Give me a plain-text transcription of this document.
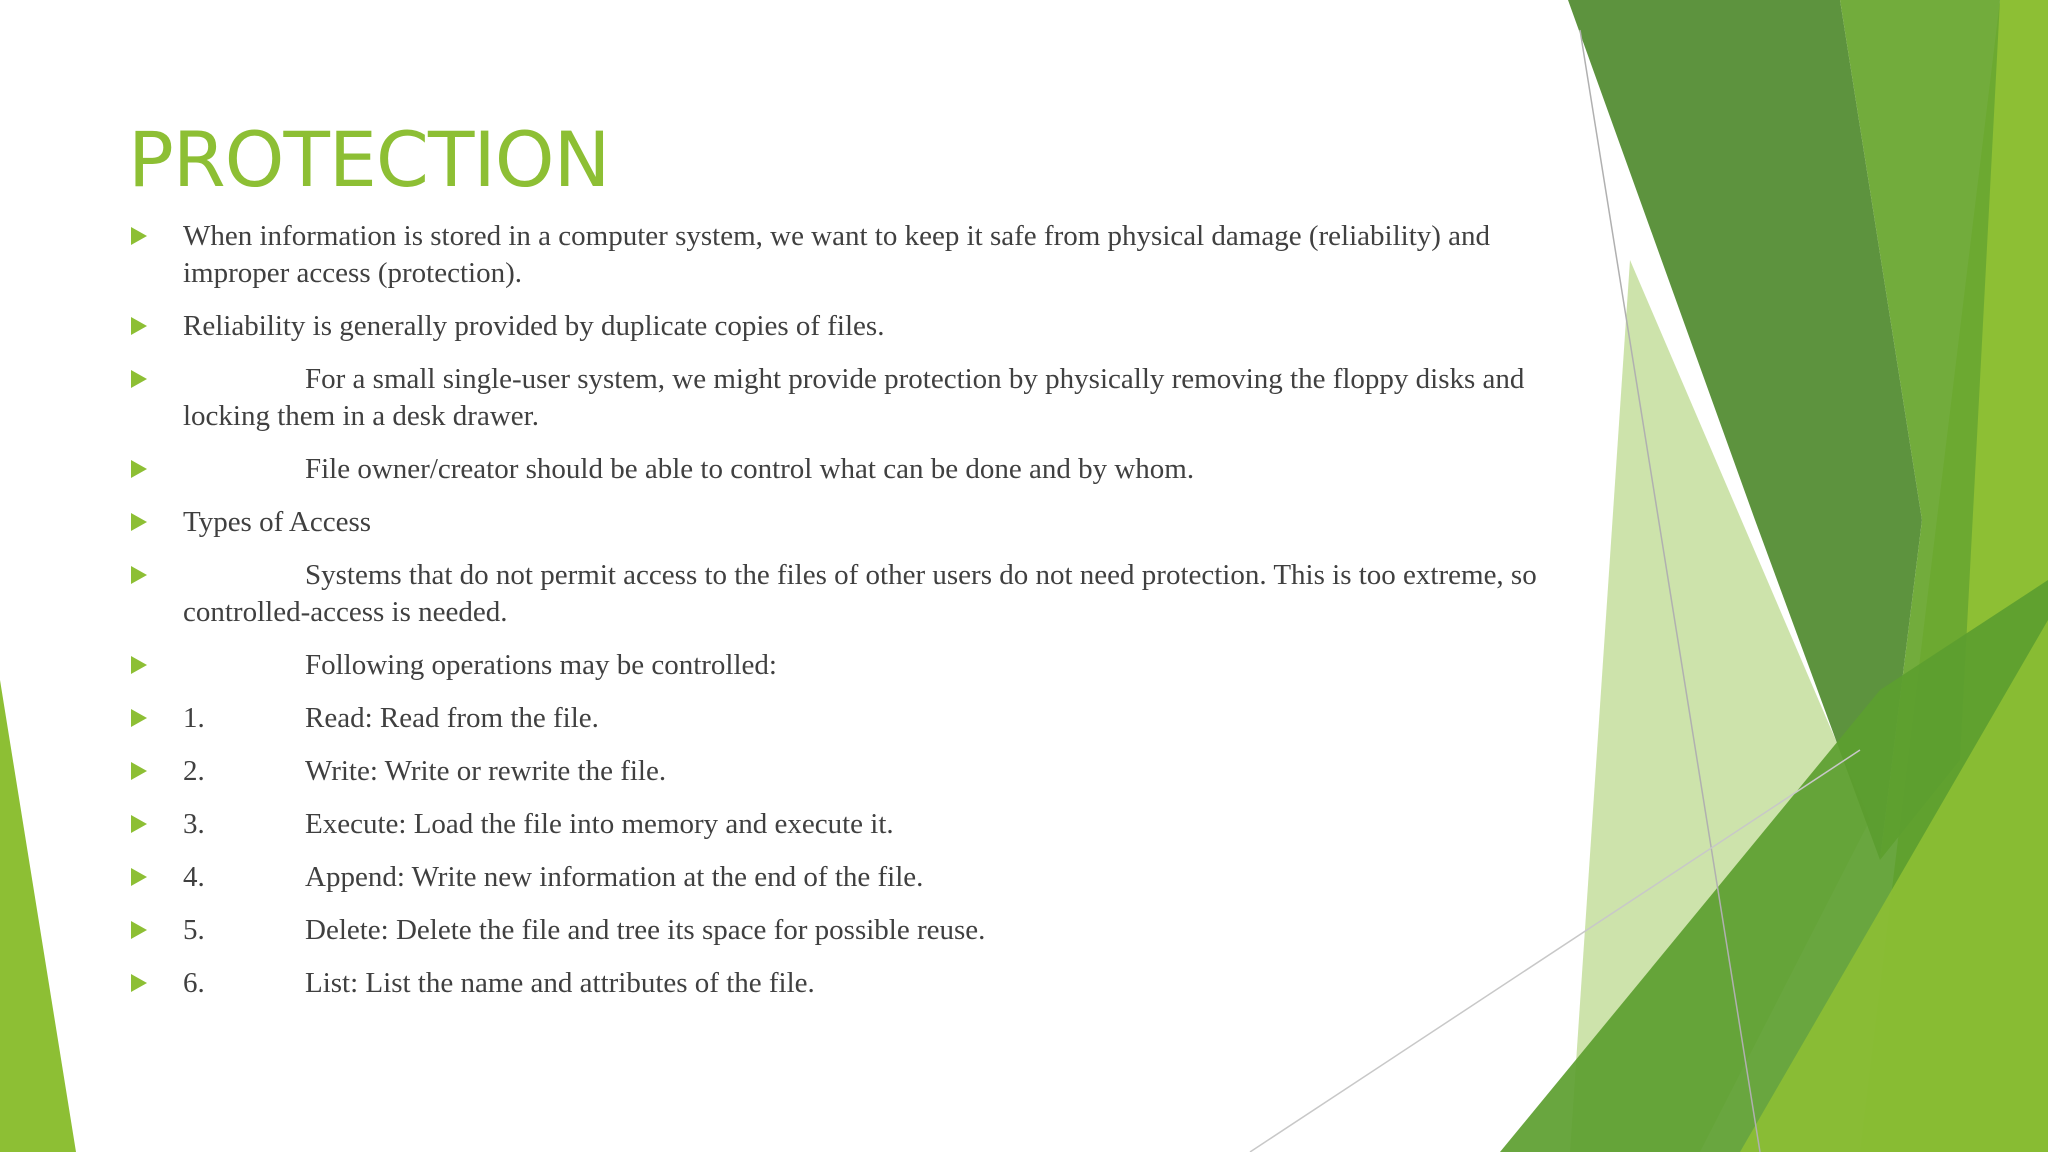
PROTECTION
When information is stored in a computer system, we want to keep it safe from physical damage (reliability) and improper access (protection).
Reliability is generally provided by duplicate copies of files.
For a small single-user system, we might provide protection by physically removing the floppy disks and locking them in a desk drawer.
File owner/creator should be able to control what can be done and by whom.
Types of Access
Systems that do not permit access to the files of other users do not need protection. This is too extreme, so controlled-access is needed.
Following operations may be controlled:
1.	Read: Read from the file.
2.	Write: Write or rewrite the file.
3.	Execute: Load the file into memory and execute it.
4.	Append: Write new information at the end of the file.
5.	Delete: Delete the file and tree its space for possible reuse.
6.	List: List the name and attributes of the file.
